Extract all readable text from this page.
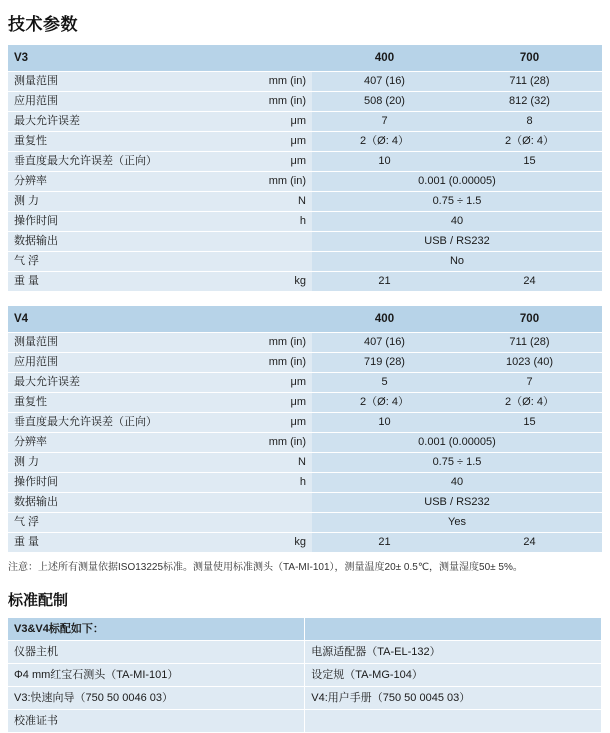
技术参数
V3		400	700
测量范围	mm (in)	407 (16)	711 (28)
应用范围	mm (in)	508 (20)	812 (32)
最大允许误差	μm	7	8
重复性	μm	2（Ø: 4）	2（Ø: 4）
垂直度最大允许误差（正向）	μm	10	15
分辨率	mm (in)	0.001 (0.00005)	
测 力	N	0.75 ÷ 1.5	
操作时间	h	40	
数据输出		USB / RS232	
气 浮		No	
重 量	kg	21	24
V4		400	700
测量范围	mm (in)	407 (16)	711 (28)
应用范围	mm (in)	719 (28)	1023 (40)
最大允许误差	μm	5	7
重复性	μm	2（Ø: 4）	2（Ø: 4）
垂直度最大允许误差（正向）	μm	10	15
分辨率	mm (in)	0.001 (0.00005)	
测 力	N	0.75 ÷ 1.5	
操作时间	h	40	
数据输出		USB / RS232	
气 浮		Yes	
重 量	kg	21	24
注意：上述所有测量依据ISO13225标准。测量使用标准测头（TA-MI-101），测量温度20± 0.5℃，测量湿度50± 5%。
标准配制
V3&V4标配如下：	
仪器主机	电源适配器（TA-EL-132）
Φ4 mm红宝石测头（TA-MI-101）	设定规（TA-MG-104）
V3:快速向导（750 50 0046 03）	V4:用户手册（750 50 0045 03）
校准证书	
